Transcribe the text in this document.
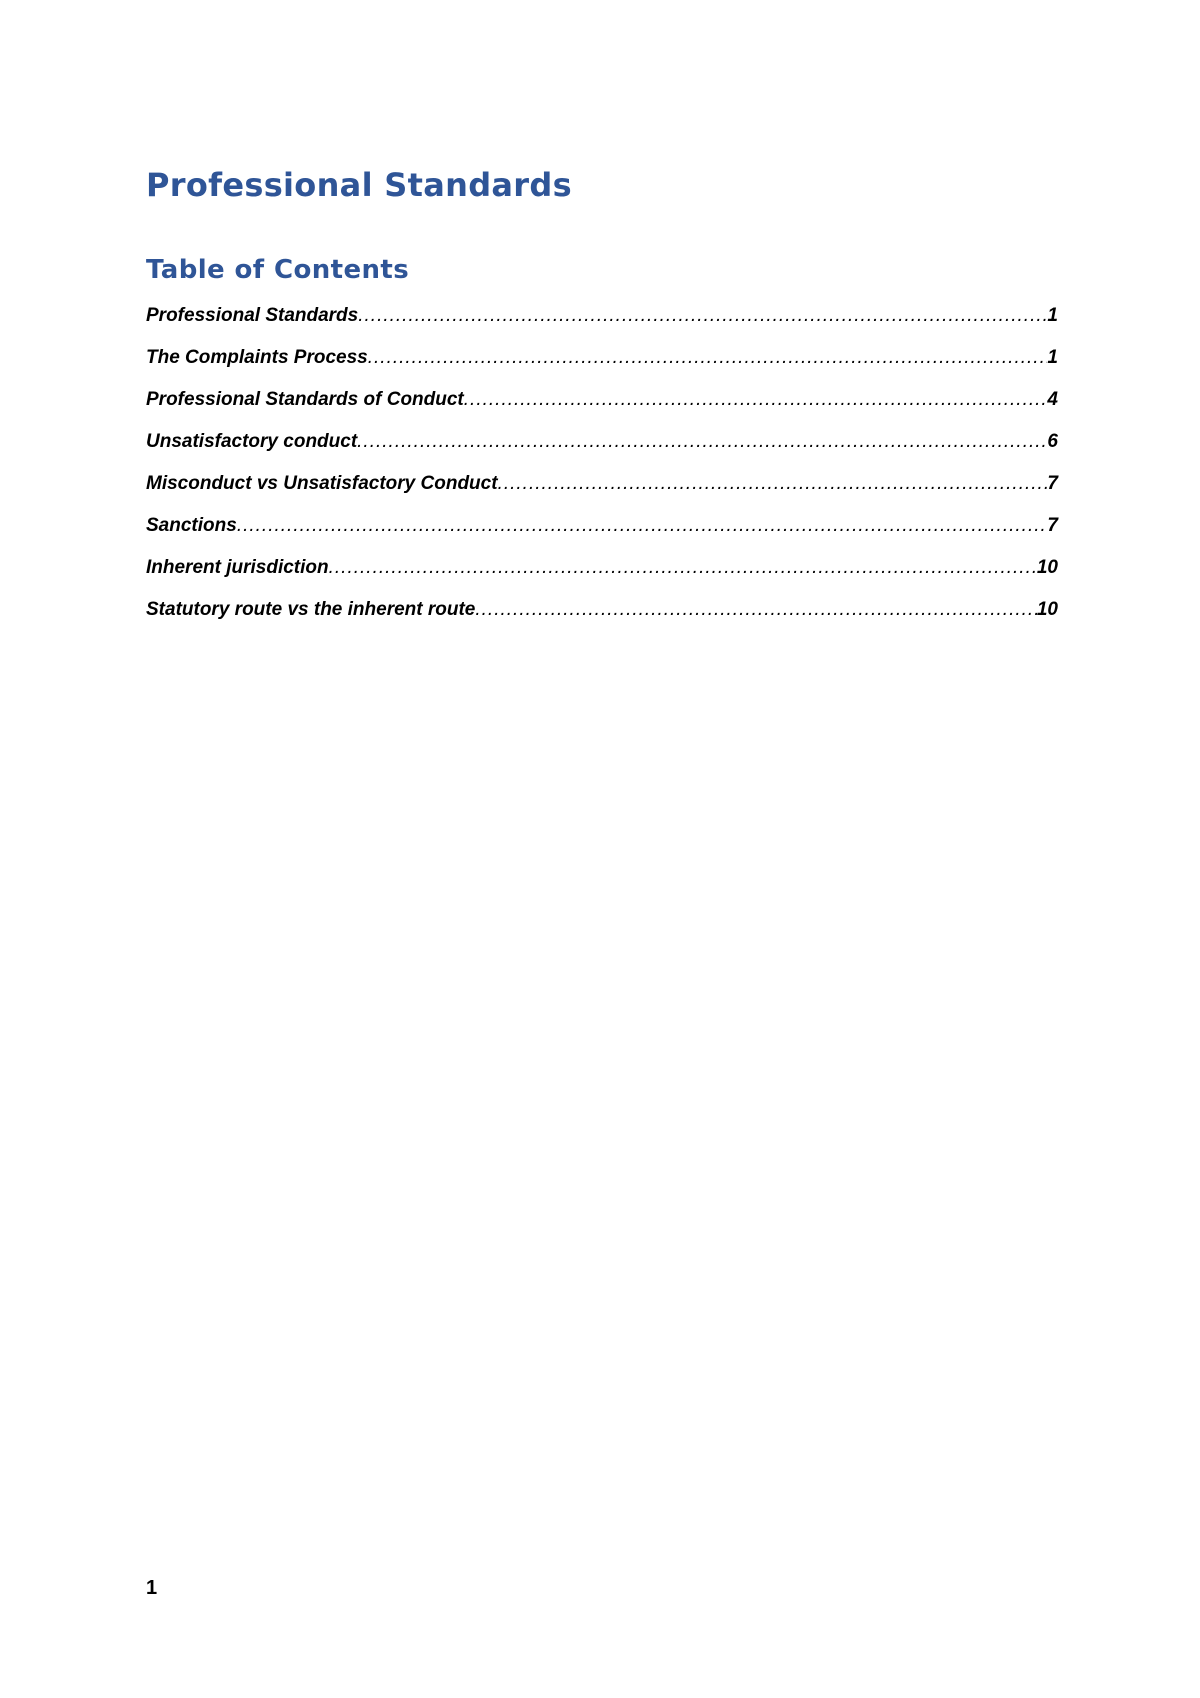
Professional Standards
Table of Contents
Professional Standards .....	1
The Complaints Process .....	1
Professional Standards of Conduct .....	4
Unsatisfactory conduct .....	6
Misconduct vs Unsatisfactory Conduct .....	7
Sanctions .....	7
Inherent jurisdiction .....	10
Statutory route vs the inherent route .....	10
1
